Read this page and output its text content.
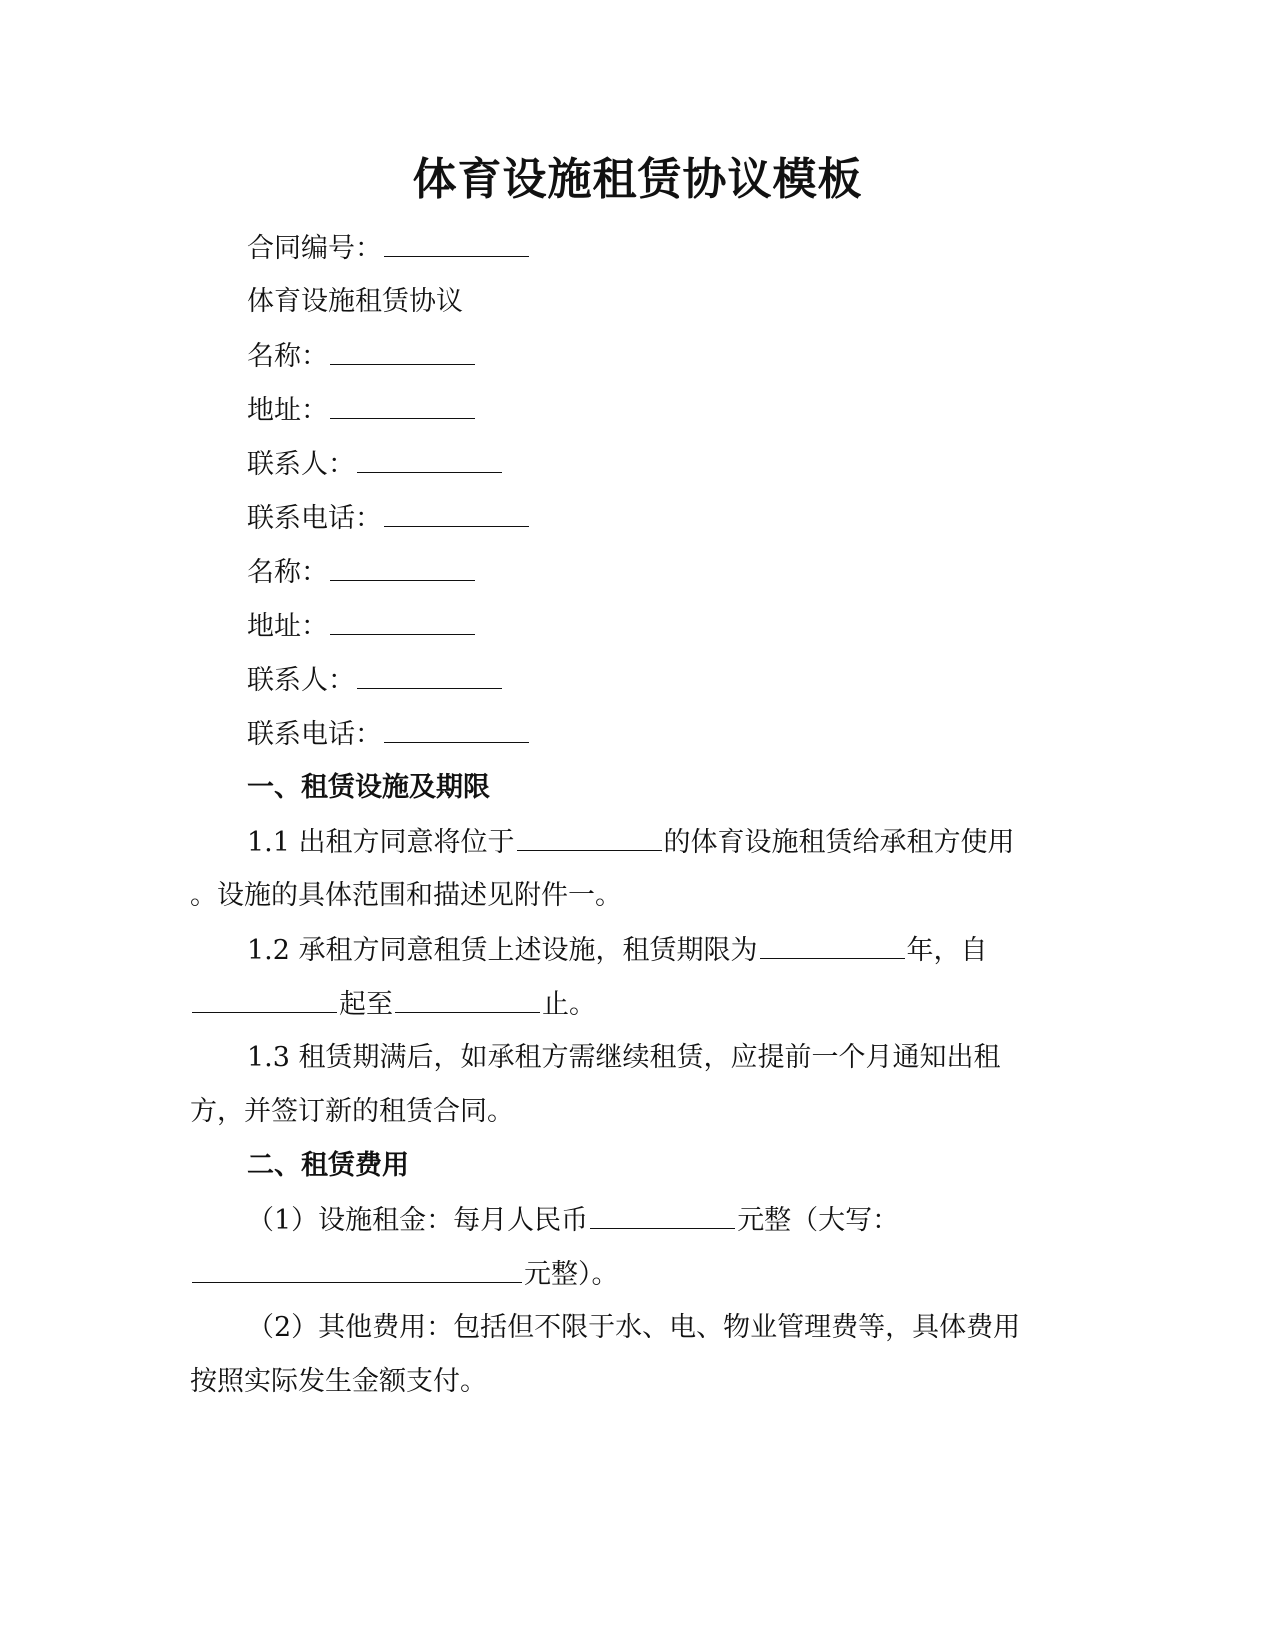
体育设施租赁协议模板
合同编号：
体育设施租赁协议
名称：
地址：
联系人：
联系电话：
名称：
地址：
联系人：
联系电话：
一、租赁设施及期限
1.1 出租方同意将位于	的体育设施租赁给承租方使用
。设施的具体范围和描述见附件一。
1.2 承租方同意租赁上述设施，租赁期限为	年，自
起至	止。
1.3 租赁期满后，如承租方需继续租赁，应提前一个月通知出租
方，并签订新的租赁合同。
二、租赁费用
（1）设施租金：每月人民币	元整（大写：
元整）。
（2）其他费用：包括但不限于水、电、物业管理费等，具体费用
按照实际发生金额支付。
